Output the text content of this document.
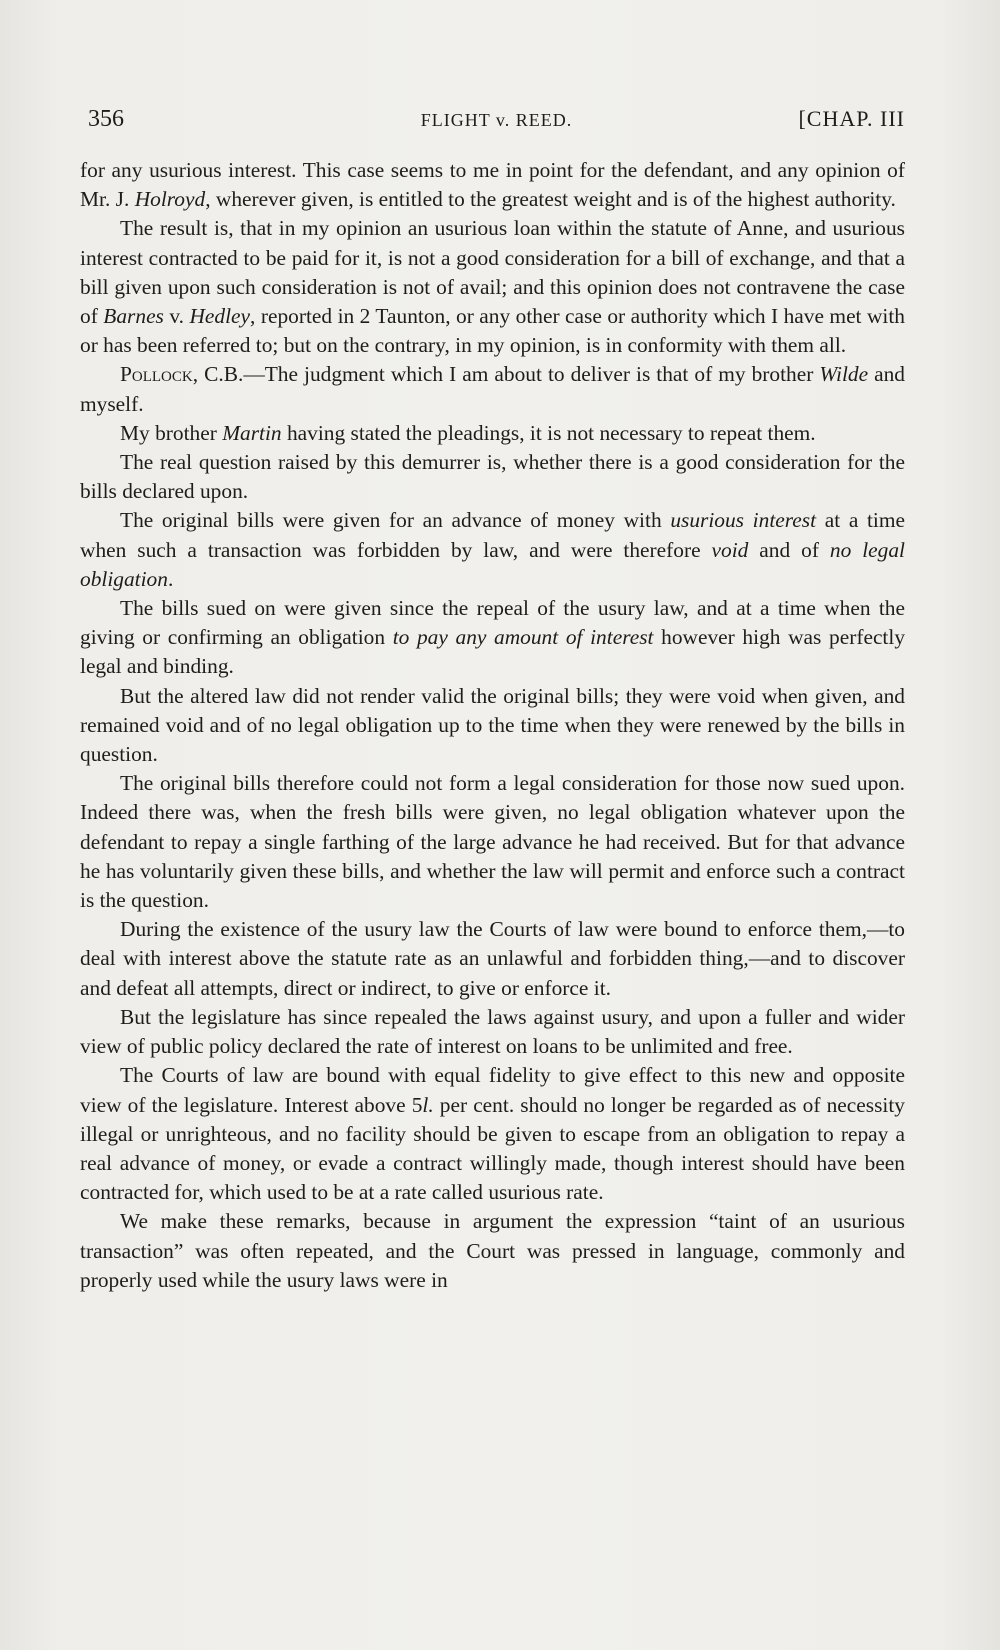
356	FLIGHT v. REED.	[CHAP. III

for any usurious interest. This case seems to me in point for the defendant, and any opinion of Mr. J. Holroyd, wherever given, is entitled to the greatest weight and is of the highest authority.

The result is, that in my opinion an usurious loan within the statute of Anne, and usurious interest contracted to be paid for it, is not a good consideration for a bill of exchange, and that a bill given upon such consideration is not of avail; and this opinion does not contravene the case of Barnes v. Hedley, reported in 2 Taunton, or any other case or authority which I have met with or has been referred to; but on the contrary, in my opinion, is in conformity with them all.

Pollock, C.B.—The judgment which I am about to deliver is that of my brother Wilde and myself.

My brother Martin having stated the pleadings, it is not necessary to repeat them.

The real question raised by this demurrer is, whether there is a good consideration for the bills declared upon.

The original bills were given for an advance of money with usurious interest at a time when such a transaction was forbidden by law, and were therefore void and of no legal obligation.

The bills sued on were given since the repeal of the usury law, and at a time when the giving or confirming an obligation to pay any amount of interest however high was perfectly legal and binding.

But the altered law did not render valid the original bills; they were void when given, and remained void and of no legal obligation up to the time when they were renewed by the bills in question.

The original bills therefore could not form a legal consideration for those now sued upon. Indeed there was, when the fresh bills were given, no legal obligation whatever upon the defendant to repay a single farthing of the large advance he had received. But for that advance he has voluntarily given these bills, and whether the law will permit and enforce such a contract is the question.

During the existence of the usury law the Courts of law were bound to enforce them,—to deal with interest above the statute rate as an unlawful and forbidden thing,—and to discover and defeat all attempts, direct or indirect, to give or enforce it.

But the legislature has since repealed the laws against usury, and upon a fuller and wider view of public policy declared the rate of interest on loans to be unlimited and free.

The Courts of law are bound with equal fidelity to give effect to this new and opposite view of the legislature. Interest above 5l. per cent. should no longer be regarded as of necessity illegal or unrighteous, and no facility should be given to escape from an obligation to repay a real advance of money, or evade a contract willingly made, though interest should have been contracted for, which used to be at a rate called usurious rate.

We make these remarks, because in argument the expression “taint of an usurious transaction” was often repeated, and the Court was pressed in language, commonly and properly used while the usury laws were in
